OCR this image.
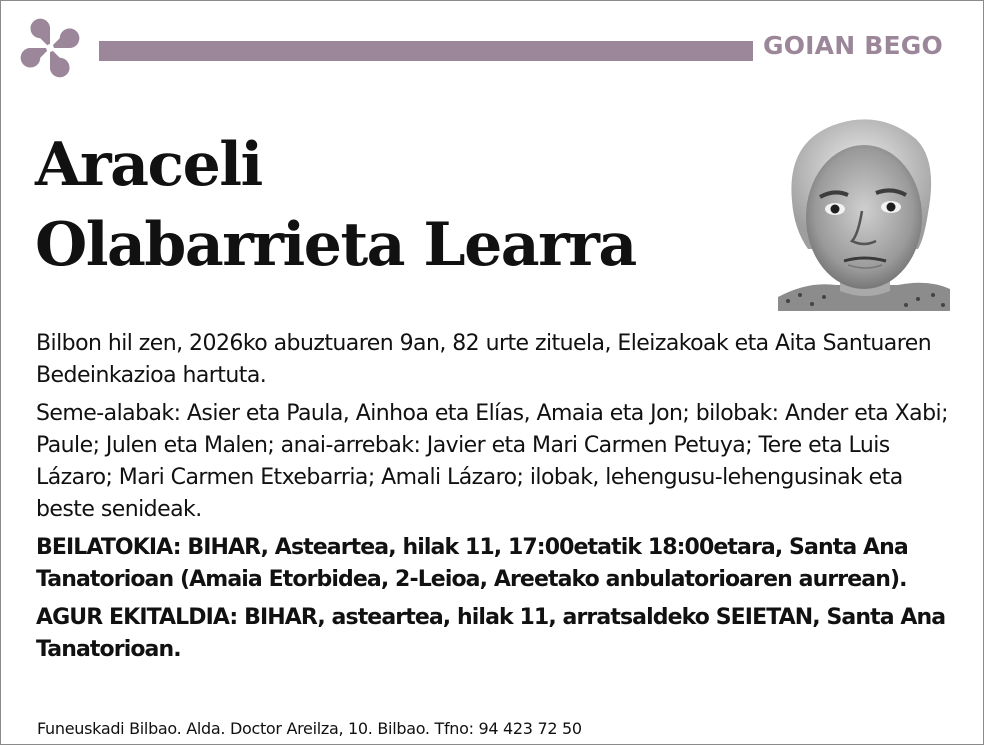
GOIAN BEGO
Araceli
Olabarrieta Learra

Bilbon hil zen, 2026ko abuztuaren 9an, 82 urte zituela, Eleizakoak eta Aita Santuaren Bedeinkazioa hartuta.

Seme-alabak: Asier eta Paula, Ainhoa eta Elías, Amaia eta Jon; bilobak: Ander eta Xabi; Paule; Julen eta Malen; anai-arrebak: Javier eta Mari Carmen Petuya; Tere eta Luis Lázaro; Mari Carmen Etxebarria; Amali Lázaro; ilobak, lehengusu-lehengusinak eta beste senideak.

BEILATOKIA: BIHAR, Asteartea, hilak 11, 17:00etatik 18:00etara, Santa Ana Tanatorioan (Amaia Etorbidea, 2-Leioa, Areetako anbulatorioaren aurrean).

AGUR EKITALDIA: BIHAR, asteartea, hilak 11, arratsaldeko SEIETAN, Santa Ana Tanatorioan.

Funeuskadi Bilbao. Alda. Doctor Areilza, 10. Bilbao. Tfno: 94 423 72 50
